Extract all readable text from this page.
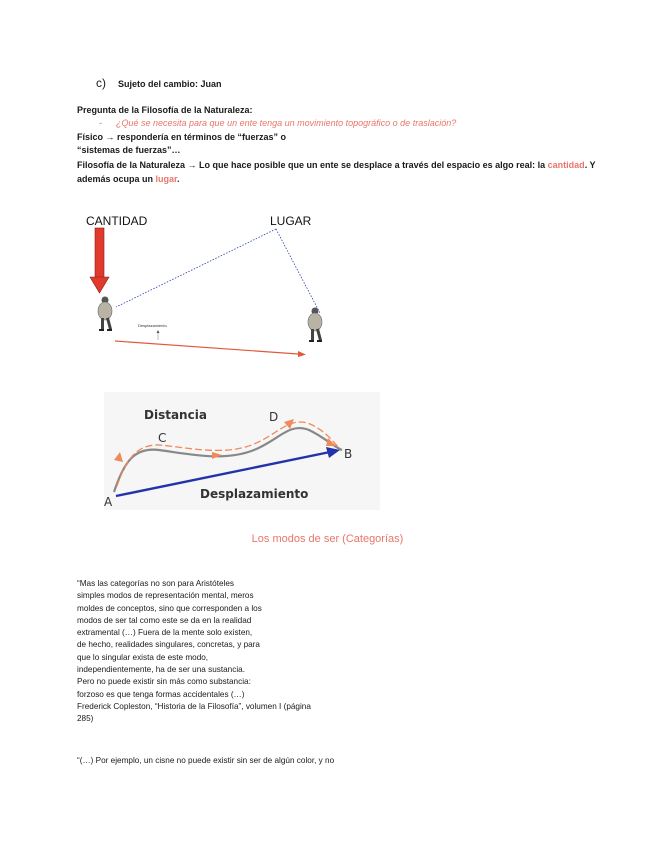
c) Sujeto del cambio: Juan
Pregunta de la Filosofía de la Naturaleza:
- ¿Qué se necesita para que un ente tenga un movimiento topográfico o de traslación?
Físico → respondería en términos de “fuerzas” o
“sistemas de fuerzas”…
Filosofía de la Naturaleza → Lo que hace posible que un ente se desplace a través del espacio es algo real: la cantidad. Y
además ocupa un lugar.
CANTIDAD	LUGAR
Desplazamiento
Distancia
C
D
A
B
Desplazamiento
Los modos de ser (Categorías)
“Mas las categorías no son para Aristóteles
simples modos de representación mental, meros
moldes de conceptos, sino que corresponden a los
modos de ser tal como este se da en la realidad
extramental (…) Fuera de la mente solo existen,
de hecho, realidades singulares, concretas, y para
que lo singular exista de este modo,
independientemente, ha de ser una sustancia.
Pero no puede existir sin más como substancia:
forzoso es que tenga formas accidentales (…)
Frederick Copleston, “Historia de la Filosofía”, volumen I (página
285)
“(…) Por ejemplo, un cisne no puede existir sin ser de algún color, y no
